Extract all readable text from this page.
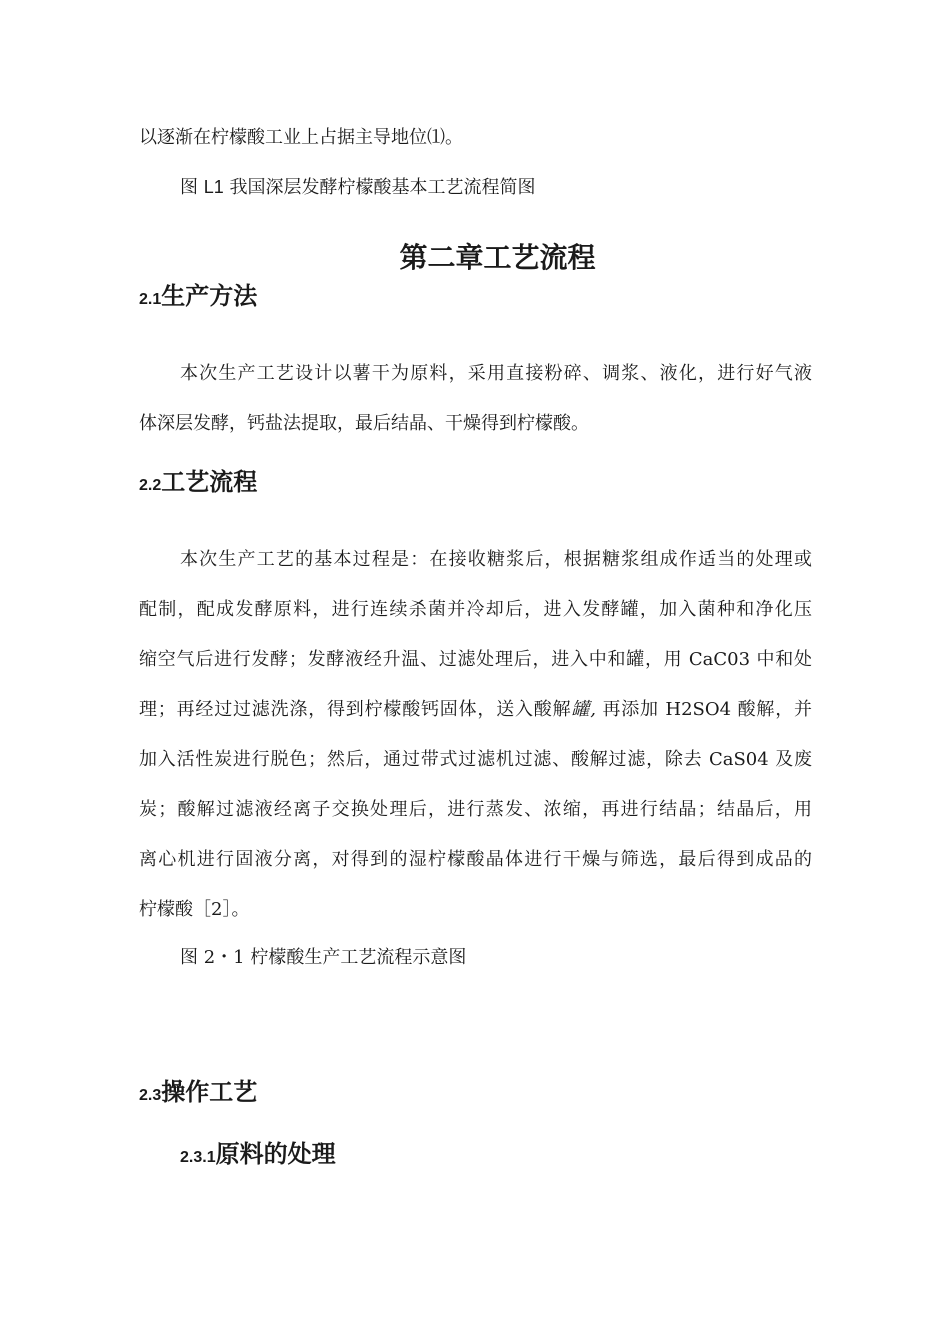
以逐渐在柠檬酸工业上占据主导地位⑴。
图 L1 我国深层发酵柠檬酸基本工艺流程简图
第二章工艺流程
2.1生产方法
本次生产工艺设计以薯干为原料，采用直接粉碎、调浆、液化，进行好气液
体深层发酵，钙盐法提取，最后结晶、干燥得到柠檬酸。
2.2工艺流程
本次生产工艺的基本过程是：在接收糖浆后，根据糖浆组成作适当的处理或
配制，配成发酵原料，进行连续杀菌并冷却后，进入发酵罐，加入菌种和净化压
缩空气后进行发酵；发酵液经升温、过滤处理后，进入中和罐，用 CaC03 中和处
理；再经过过滤洗涤，得到柠檬酸钙固体，送入酸解罐, 再添加 H2SO4 酸解，并
加入活性炭进行脱色；然后，通过带式过滤机过滤、酸解过滤，除去 CaS04 及废
炭；酸解过滤液经离子交换处理后，进行蒸发、浓缩，再进行结晶；结晶后，用
离心机进行固液分离，对得到的湿柠檬酸晶体进行干燥与筛选，最后得到成品的
柠檬酸［2］。
图 2・1 柠檬酸生产工艺流程示意图
2.3操作工艺
2.3.1原料的处理
